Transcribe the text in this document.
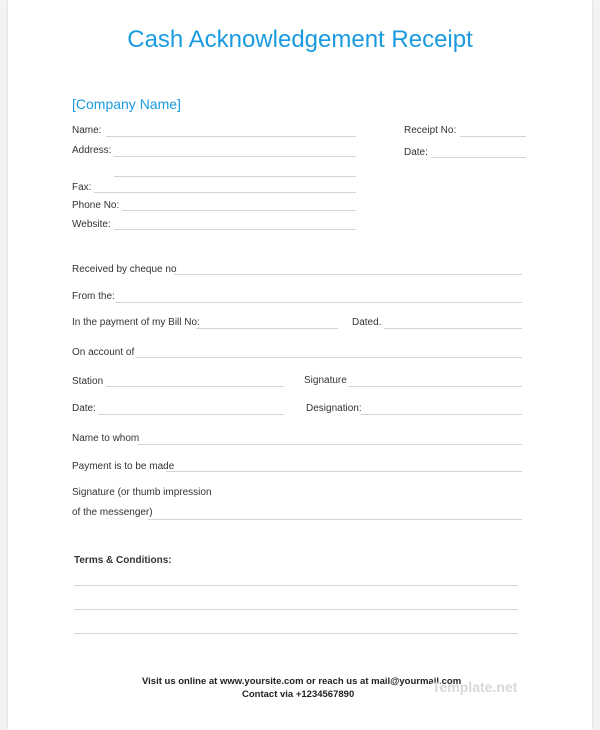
Cash Acknowledgement Receipt
[Company Name]
Name:
Address:
Fax:
Phone No:
Website:
Receipt No:
Date:
Received by cheque no
From the:
In the payment of my Bill No:	Dated.
On account of
Station	Signature
Date:	Designation:
Name to whom
Payment is to be made
Signature (or thumb impression
of the messenger)
Terms & Conditions:
Visit us online at www.yoursite.com or reach us at mail@yourmail.com
Contact via +1234567890	Template.net
